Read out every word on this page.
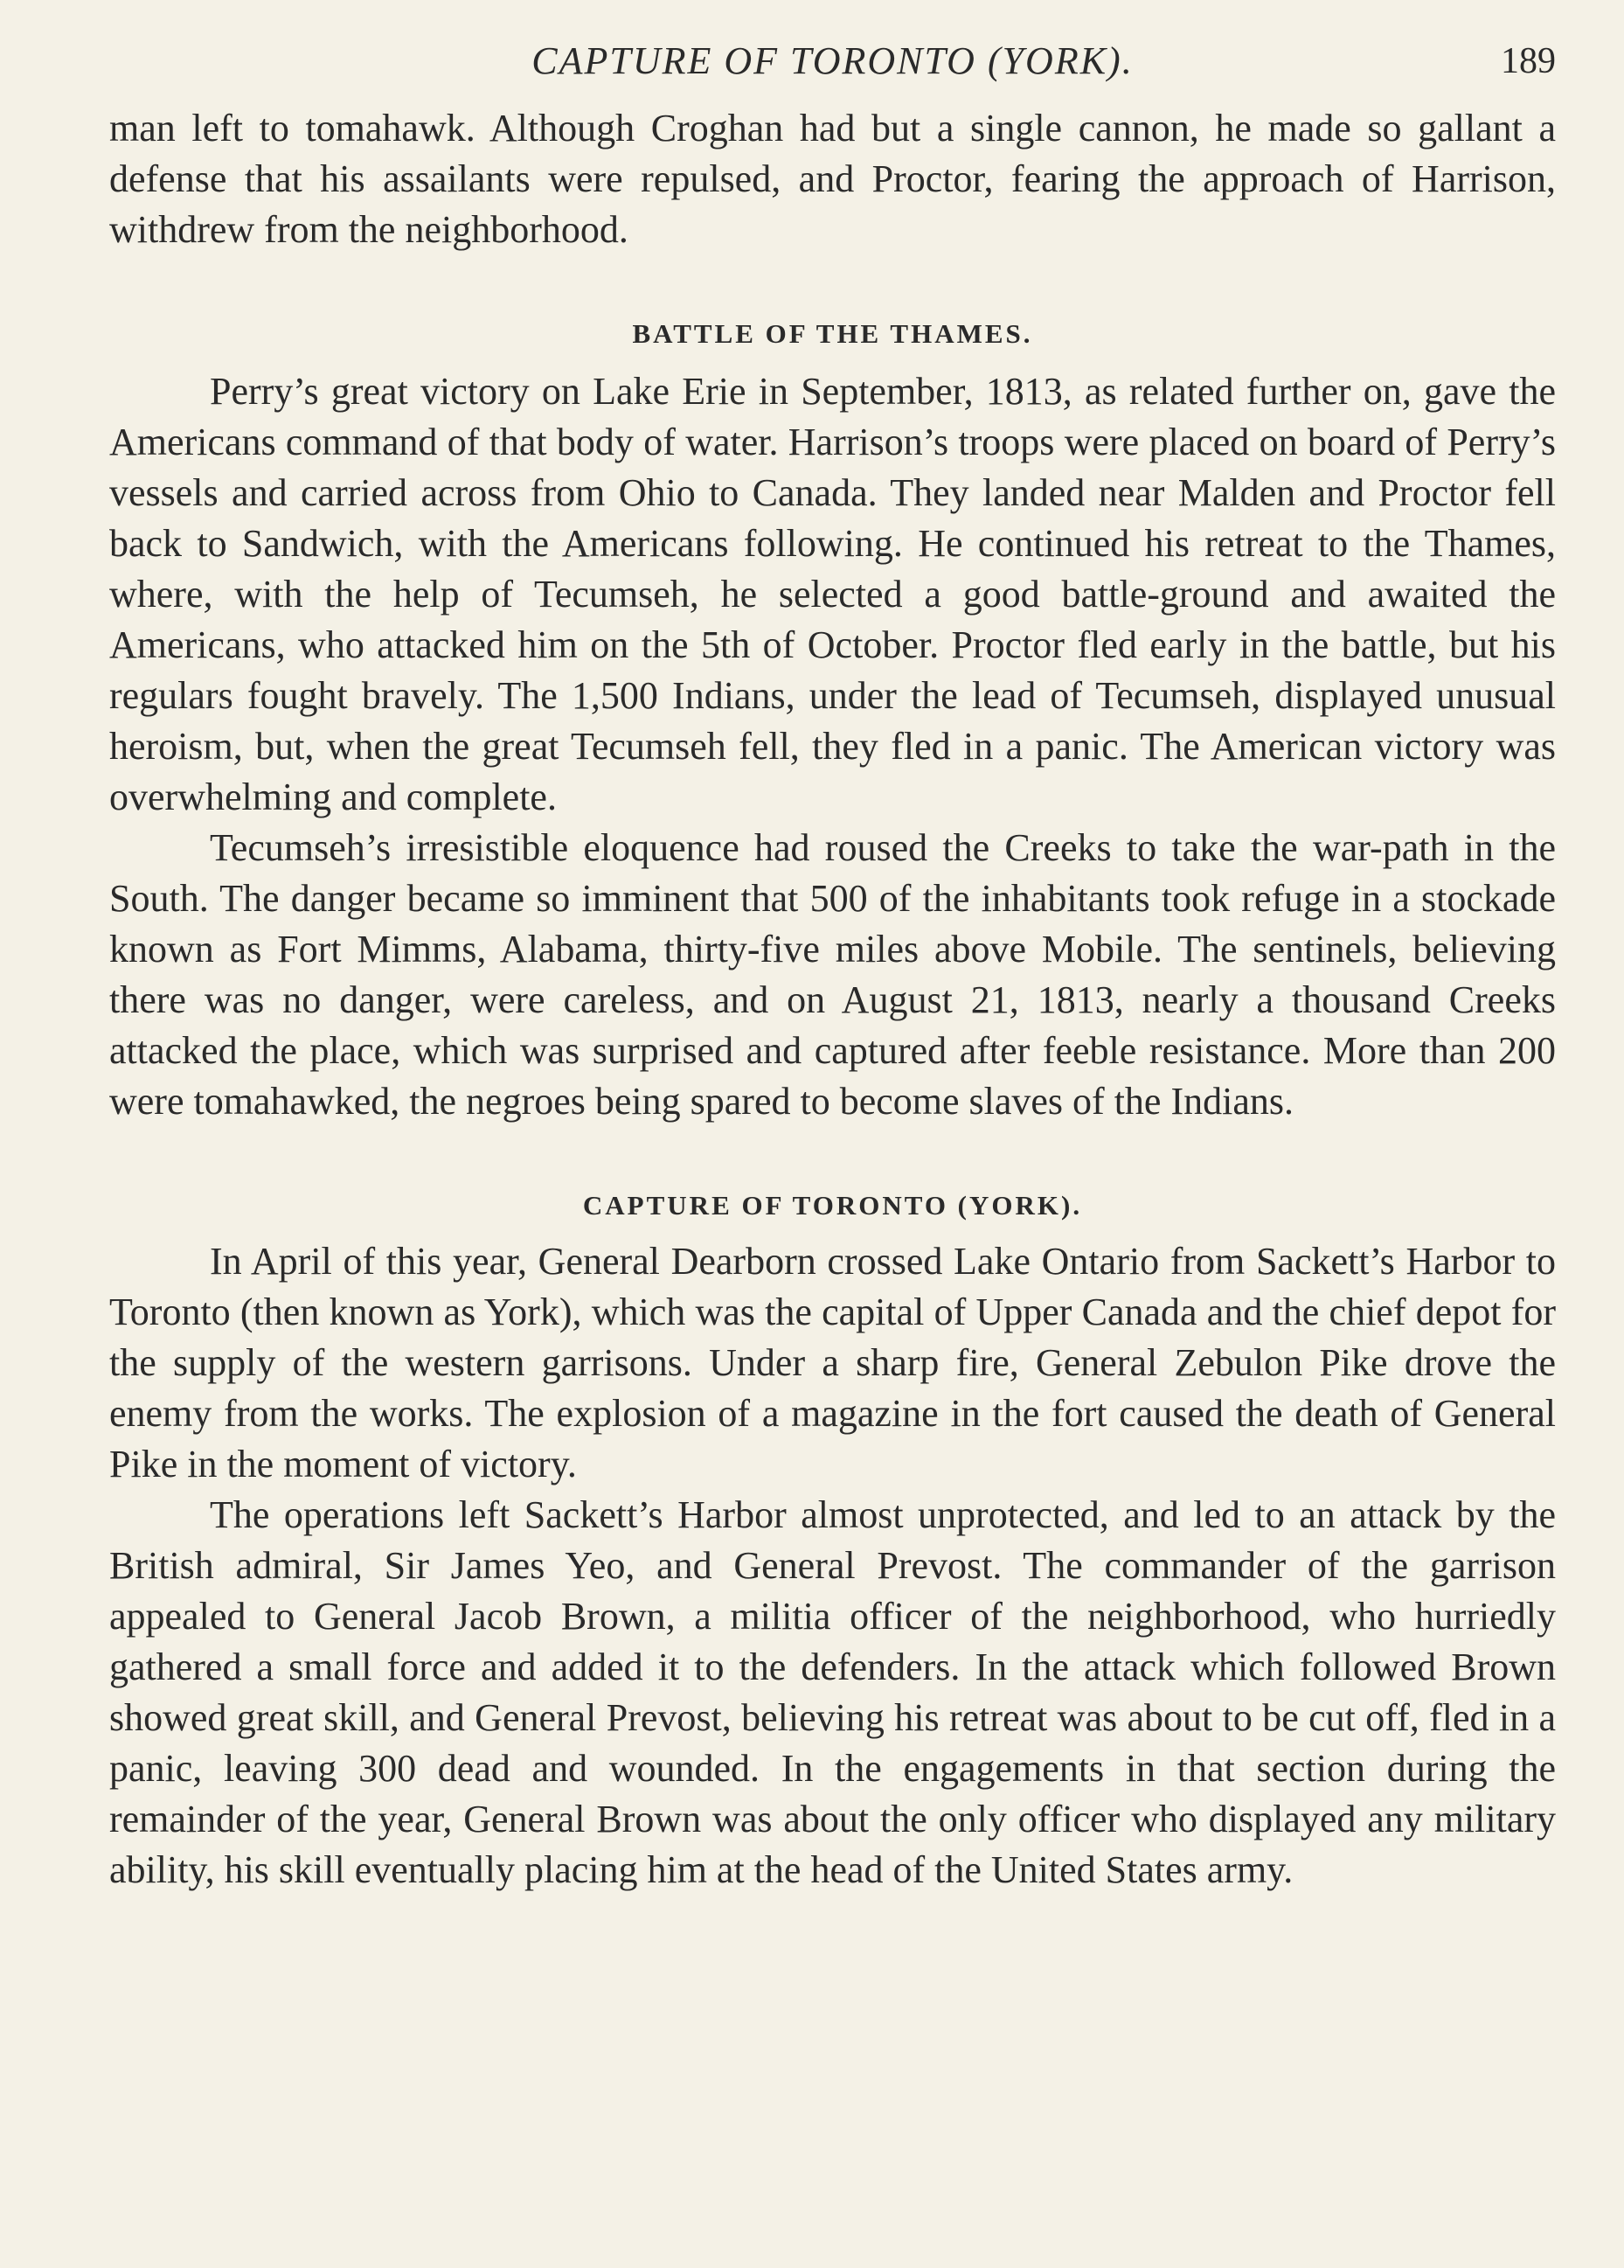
CAPTURE OF TORONTO (YORK).	189

man left to tomahawk. Although Croghan had but a single cannon, he made so gallant a defense that his assailants were repulsed, and Proctor, fearing the approach of Harrison, withdrew from the neighborhood.

BATTLE OF THE THAMES.

Perry’s great victory on Lake Erie in September, 1813, as related further on, gave the Americans command of that body of water. Harrison’s troops were placed on board of Perry’s vessels and carried across from Ohio to Canada. They landed near Malden and Proctor fell back to Sandwich, with the Americans following. He continued his retreat to the Thames, where, with the help of Tecumseh, he selected a good battle-ground and awaited the Americans, who attacked him on the 5th of October. Proctor fled early in the battle, but his regulars fought bravely. The 1,500 Indians, under the lead of Tecumseh, displayed unusual heroism, but, when the great Tecumseh fell, they fled in a panic. The American victory was overwhelming and complete.

Tecumseh’s irresistible eloquence had roused the Creeks to take the war-path in the South. The danger became so imminent that 500 of the inhabitants took refuge in a stockade known as Fort Mimms, Alabama, thirty-five miles above Mobile. The sentinels, believing there was no danger, were careless, and on August 21, 1813, nearly a thousand Creeks attacked the place, which was surprised and captured after feeble resistance. More than 200 were tomahawked, the negroes being spared to become slaves of the Indians.

CAPTURE OF TORONTO (YORK).

In April of this year, General Dearborn crossed Lake Ontario from Sackett’s Harbor to Toronto (then known as York), which was the capital of Upper Canada and the chief depot for the supply of the western garrisons. Under a sharp fire, General Zebulon Pike drove the enemy from the works. The explosion of a magazine in the fort caused the death of General Pike in the moment of victory.

The operations left Sackett’s Harbor almost unprotected, and led to an attack by the British admiral, Sir James Yeo, and General Prevost. The commander of the garrison appealed to General Jacob Brown, a militia officer of the neighborhood, who hurriedly gathered a small force and added it to the defenders. In the attack which followed Brown showed great skill, and General Prevost, believing his retreat was about to be cut off, fled in a panic, leaving 300 dead and wounded. In the engagements in that section during the remainder of the year, General Brown was about the only officer who displayed any military ability, his skill eventually placing him at the head of the United States army.
